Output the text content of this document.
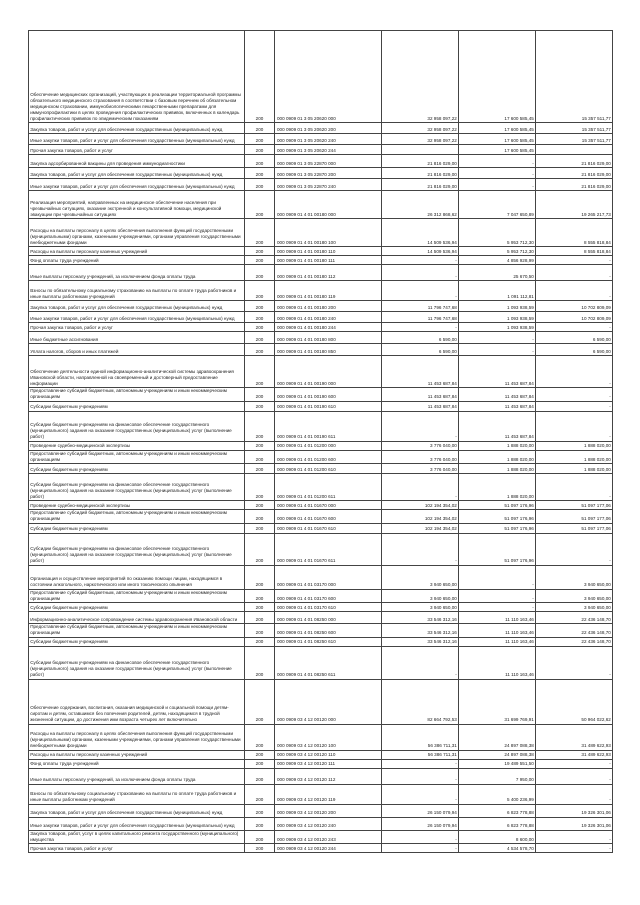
Обеспечение медицинских организаций, участвующих в реализации территориальной программы обязательного медицинского страхования в соответствии с базовым перечнем об обязательном медицинском страховании, иммунобиологическими лекарственными препаратами для иммунопрофилактики в целях проведения профилактических прививок, включенных в календарь профилактических прививок по эпидемическим показаниям	200	000 0909 01 3 05 20620 000	32 958 097,22	17 600 585,45	15 357 511,77
Закупка товаров, работ и услуг для обеспечения государственных (муниципальных) нужд	200	000 0909 01 3 05 20620 200	32 958 097,22	17 600 585,45	15 357 511,77
Иные закупки товаров, работ и услуг для обеспечения государственных (муниципальных) нужд	200	000 0909 01 3 05 20620 240	32 958 097,22	17 600 585,45	15 357 511,77
Прочая закупка товаров, работ и услуг	200	000 0909 01 3 05 20620 244		17 600 585,45	
Закупка адсорбированной вакцины для проведения иммунодиагностики	200	000 0909 01 3 05 22870 000	21 816 029,00	-	21 816 029,00
Закупка товаров, работ и услуг для обеспечения государственных (муниципальных) нужд	200	000 0909 01 3 05 22870 200	21 816 029,00	-	21 816 029,00
Иные закупки товаров, работ и услуг для обеспечения государственных (муниципальных) нужд	200	000 0909 01 3 05 22870 240	21 816 029,00	-	21 816 029,00
Реализация мероприятий, направленных на медицинское обеспечение населения при чрезвычайных ситуациях, оказание экстренной и консультативной помощи, медицинской эвакуации при чрезвычайных ситуациях	200	000 0909 01 4 01 00180 000	26 312 868,62	7 047 650,89	19 265 217,73
Расходы на выплаты персоналу в целях обеспечения выполнения функций государственными (муниципальными) органами, казенными учреждениями, органами управления государственными внебюджетными фондами	200	000 0909 01 4 01 00180 100	14 509 536,94	5 953 712,30	8 555 818,84
Расходы на выплаты персоналу казенных учреждений	200	000 0909 01 4 01 00180 110	14 509 536,94	5 953 712,30	8 555 818,84
Фонд оплаты труда учреждений	200	000 0909 01 4 01 00180 111	-	4 856 928,99	-
Иные выплаты персоналу учреждений, за исключением фонда оплаты труда	200	000 0909 01 4 01 00180 112	-	25 670,50	-
Взносы по обязательному социальному страхованию на выплаты по оплате труда работников и иные выплаты работникам учреждений	200	000 0909 01 4 01 00180 119	-	1 091 112,81	-
Закупка товаров, работ и услуг для обеспечения государственных (муниципальных) нужд	200	000 0909 01 4 01 00180 200	11 796 747,68	1 093 938,59	10 702 809,09
Иные закупки товаров, работ и услуг для обеспечения государственных (муниципальных) нужд	200	000 0909 01 4 01 00180 240	11 796 747,68	1 093 938,59	10 702 809,09
Прочая закупка товаров, работ и услуг	200	000 0909 01 4 01 00180 244	-	1 093 938,59	-
Иные бюджетные ассигнования	200	000 0909 01 4 01 00180 800	6 590,00	-	6 590,00
Уплата налогов, сборов и иных платежей	200	000 0909 01 4 01 00180 850	6 590,00	-	6 590,00
Обеспечение деятельности единой информационно-аналитической системы здравоохранения Ивановской области, направленной на своевременный и достоверный предоставление информации	200	000 0909 01 4 01 00190 000	11 453 687,84	11 453 687,84	-
Предоставление субсидий бюджетным, автономным учреждениям и иным некоммерческим организациям	200	000 0909 01 4 01 00190 600	11 453 687,84	11 453 687,84	-
Субсидии бюджетным учреждениям	200	000 0909 01 4 01 00190 610	11 453 687,84	11 453 687,84	-
Субсидии бюджетным учреждениям на финансовое обеспечение государственного (муниципального) задания на оказание государственных (муниципальных) услуг (выполнение работ)	200	000 0909 01 4 01 00190 611	-	11 453 687,84	-
Проведение судебно-медицинской экспертизы	200	000 0909 01 4 01 01200 000	3 776 040,00	1 888 020,00	1 888 020,00
Предоставление субсидий бюджетным, автономным учреждениям и иным некоммерческим организациям	200	000 0909 01 4 01 01200 600	3 776 040,00	1 888 020,00	1 888 020,00
Субсидии бюджетным учреждениям	200	000 0909 01 4 01 01200 610	3 776 040,00	1 888 020,00	1 888 020,00
Субсидии бюджетным учреждениям на финансовое обеспечение государственного (муниципального) задания на оказание государственных (муниципальных) услуг (выполнение работ)	200	000 0909 01 4 01 01200 611	-	1 888 020,00	-
Проведение судебно-медицинской экспертизы	200	000 0909 01 4 01 01670 000	102 194 354,02	51 097 176,96	51 097 177,06
Предоставление субсидий бюджетным, автономным учреждениям и иным некоммерческим организациям	200	000 0909 01 4 01 01670 600	102 194 354,02	51 097 176,96	51 097 177,06
Субсидии бюджетным учреждениям	200	000 0909 01 4 01 01670 610	102 194 354,02	51 097 176,96	51 097 177,06
Субсидии бюджетным учреждениям на финансовое обеспечение государственного (муниципального) задания на оказание государственных (муниципальных) услуг (выполнение работ)	200	000 0909 01 4 01 01670 611	-	51 097 176,96	-
Организация и осуществление мероприятий по оказанию помощи лицам, находящимся в состоянии алкогольного, наркотического или иного токсического опьянения	200	000 0909 01 4 01 03170 000	3 940 650,00	-	3 940 650,00
Предоставление субсидий бюджетным, автономным учреждениям и иным некоммерческим организациям	200	000 0909 01 4 01 03170 600	3 940 650,00	-	3 940 650,00
Субсидии бюджетным учреждениям	200	000 0909 01 4 01 03170 610	3 940 650,00	-	3 940 650,00
Информационно-аналитическое сопровождение системы здравоохранения Ивановской области	200	000 0909 01 4 01 08250 000	33 546 312,16	11 110 163,46	22 436 148,70
Предоставление субсидий бюджетным, автономным учреждениям и иным некоммерческим организациям	200	000 0909 01 4 01 08250 600	33 546 312,16	11 110 163,46	22 436 148,70
Субсидии бюджетным учреждениям	200	000 0909 01 4 01 08250 610	33 546 312,16	11 110 163,46	22 436 148,70
Субсидии бюджетным учреждениям на финансовое обеспечение государственного (муниципального) задания на оказание государственных (муниципальных) услуг (выполнение работ)	200	000 0909 01 4 01 08250 611	-	11 110 163,46	-
Обеспечение содержания, воспитания, оказания медицинской и социальной помощи детям-сиротам и детям, оставшимся без попечения родителей, детям, находящимся в трудной жизненной ситуации, до достижения ими возраста четырех лет включительно	200	000 0909 03 4 12 00120 000	82 664 792,53	31 699 769,91	50 964 022,62
Расходы на выплаты персоналу в целях обеспечения выполнения функций государственными (муниципальными) органами, казенными учреждениями, органами управления государственными внебюджетными фондами	200	000 0909 03 4 12 00120 100	56 386 711,31	24 897 088,38	31 489 622,93
Расходы на выплаты персоналу казенных учреждений	200	000 0909 03 4 12 00120 110	56 386 711,31	24 897 088,38	31 489 622,93
Фонд оплаты труда учреждений	200	000 0909 03 4 12 00120 111	-	19 489 551,50	-
Иные выплаты персоналу учреждений, за исключением фонда оплаты труда	200	000 0909 03 4 12 00120 112	-	7 950,00	-
Взносы по обязательному социальному страхованию на выплаты по оплате труда работников и иные выплаты работникам учреждений	200	000 0909 03 4 12 00120 119	-	5 400 236,99	-
Закупка товаров, работ и услуг для обеспечения государственных (муниципальных) нужд	200	000 0909 03 4 12 00120 200	26 150 079,94	6 823 778,88	19 326 301,06
Иные закупки товаров, работ и услуг для обеспечения государственных (муниципальных) нужд	200	000 0909 03 4 12 00120 240	26 150 079,94	6 823 778,88	19 326 301,06
Закупка товаров, работ, услуг в целях капитального ремонта государственного (муниципального) имущества	200	000 0909 03 4 12 00120 243	-	8 600,00	-
Прочая закупка товаров, работ и услуг	200	000 0909 03 4 12 00120 244	-	4 534 578,70	-
